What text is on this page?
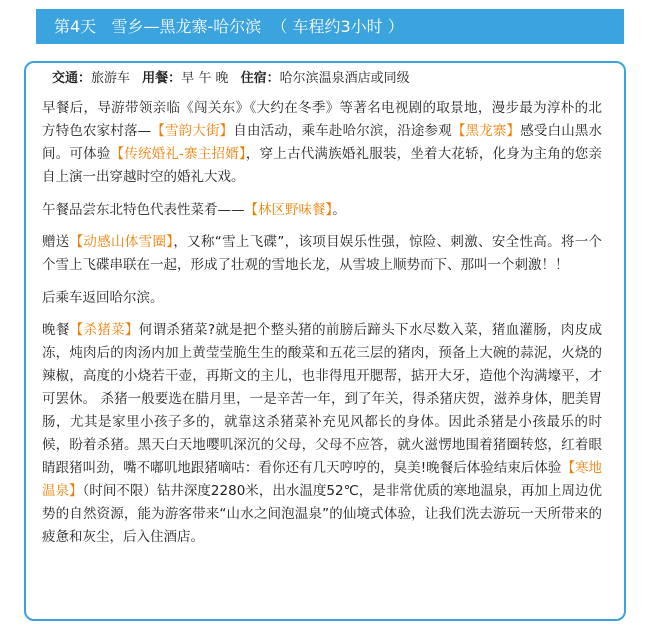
第4天 雪乡—黑龙寨-哈尔滨 （ 车程约3小时 ）
交通：旅游车 用餐：早 午 晚 住宿：哈尔滨温泉酒店或同级

早餐后，导游带领亲临《闯关东》《大约在冬季》等著名电视剧的取景地，漫步最为淳朴的北方特色农家村落—【雪韵大街】自由活动，乘车赴哈尔滨，沿途参观【黑龙寨】感受白山黑水间。可体验【传统婚礼-寨主招婿】，穿上古代满族婚礼服装，坐着大花轿，化身为主角的您亲自上演一出穿越时空的婚礼大戏。

午餐品尝东北特色代表性菜肴——【林区野味餐】。

赠送【动感山体雪圈】，又称“雪上飞碟”，该项目娱乐性强，惊险、刺激、安全性高。将一个个雪上飞碟串联在一起，形成了壮观的雪地长龙，从雪坡上顺势而下、那叫一个刺激！！

后乘车返回哈尔滨。

晚餐【杀猪菜】何谓杀猪菜?就是把个整头猪的前膀后蹄头下水尽数入菜，猪血灌肠，肉皮成冻，炖肉后的肉汤内加上黄莹莹脆生生的酸菜和五花三层的猪肉，预备上大碗的蒜泥，火烧的辣椒，高度的小烧若干壶，再斯文的主儿，也非得甩开腮帮，掂开大牙，造他个沟满壕平，才可罢休。 杀猪一般要选在腊月里，一是辛苦一年，到了年关，得杀猪庆贺，滋养身体，肥美胃肠，尤其是家里小孩子多的，就靠这杀猪菜补充见风都长的身体。因此杀猪是小孩最乐的时候，盼着杀猪。黑天白天地嘤叽深沉的父母，父母不应答，就火滋愣地围着猪圈转悠，红着眼睛跟猪叫劲，嘴不嘟叽地跟猪嘀咕：看你还有几天哼哼的，臭美!晚餐后体验结束后体验【寒地温泉】（时间不限）钻井深度2280米，出水温度52℃，是非常优质的寒地温泉，再加上周边优势的自然资源，能为游客带来“山水之间泡温泉”的仙境式体验，让我们洗去游玩一天所带来的疲惫和灰尘，后入住酒店。
